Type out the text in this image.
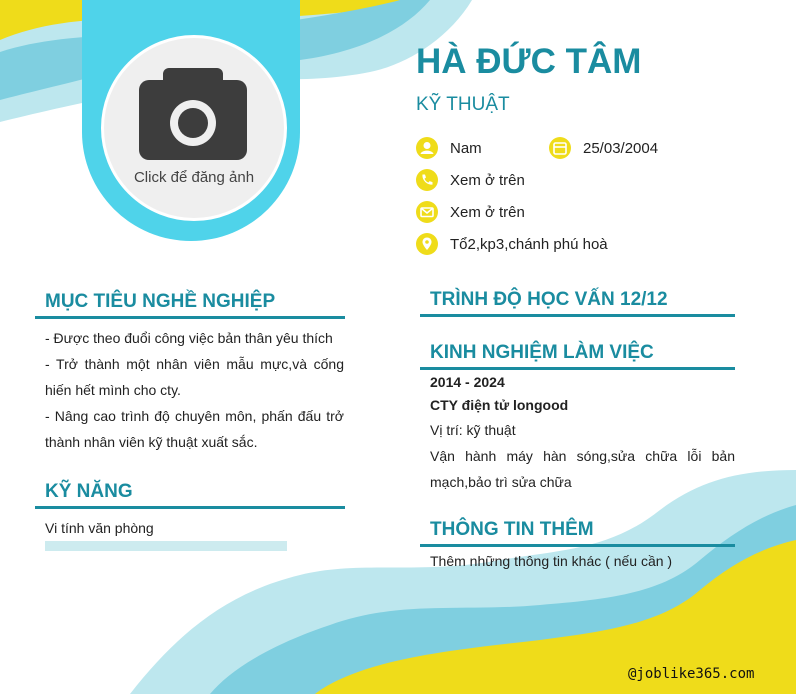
Click để đăng ảnh
HÀ ĐỨC TÂM
KỸ THUẬT
Nam	25/03/2004
Xem ở trên
Xem ở trên
Tổ2,kp3,chánh phú hoà
MỤC TIÊU NGHỀ NGHIỆP
- Được theo đuổi công việc bản thân yêu thích
- Trở thành một nhân viên mẫu mực,và cống hiến hết mình cho cty.
- Nâng cao trình độ chuyên môn, phấn đấu trở thành nhân viên kỹ thuật xuất sắc.
KỸ NĂNG
Vi tính văn phòng
TRÌNH ĐỘ HỌC VẤN 12/12
KINH NGHIỆM LÀM VIỆC
2014 - 2024
CTY điện tử longood
Vị trí: kỹ thuật
Vận hành máy hàn sóng,sửa chữa lỗi bản mạch,bảo trì sửa chữa
THÔNG TIN THÊM
Thêm những thông tin khác ( nếu cần )
@joblike365.com
